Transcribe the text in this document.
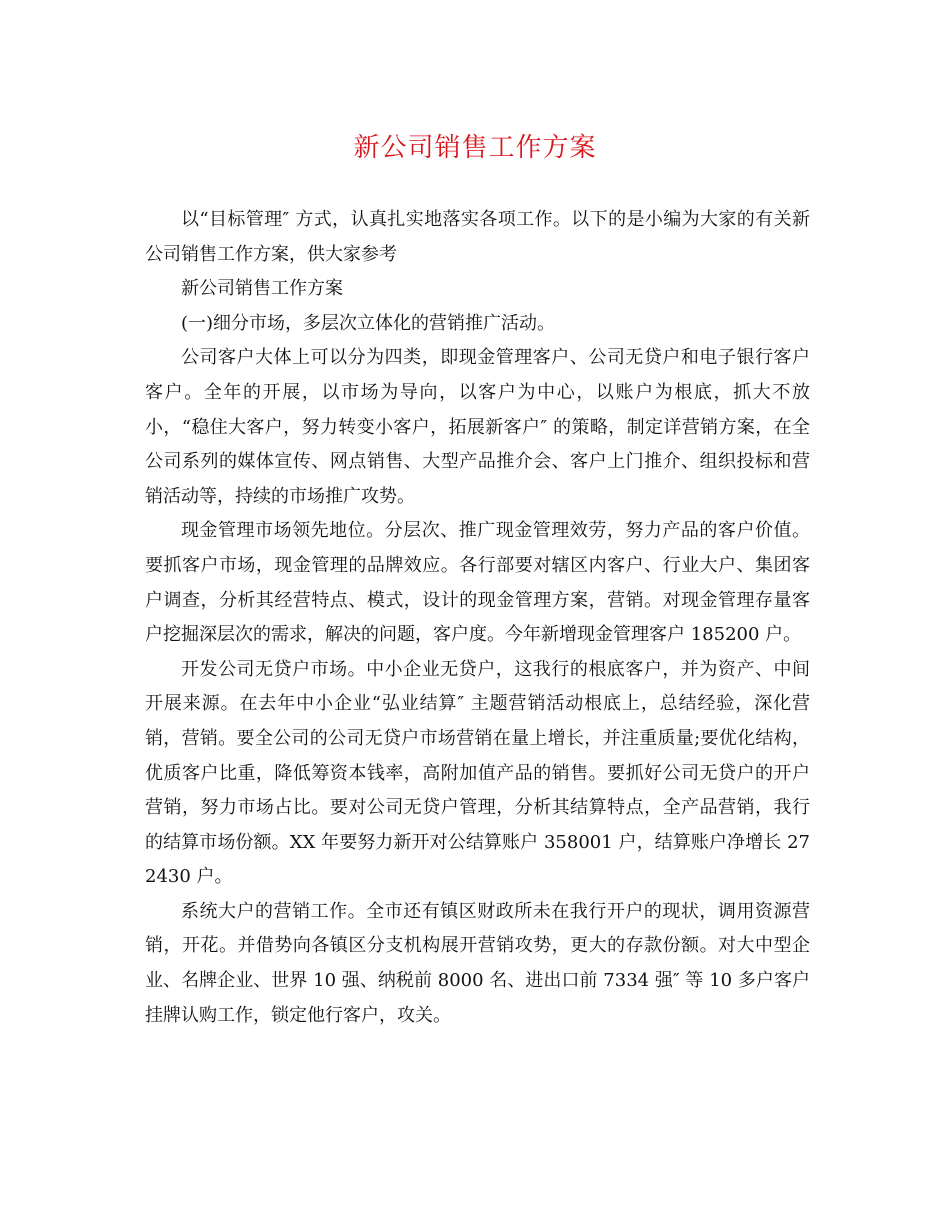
新公司销售工作方案

以“目标管理″ 方式，认真扎实地落实各项工作。以下的是小编为大家的有关新公司销售工作方案，供大家参考

新公司销售工作方案

(一)细分市场，多层次立体化的营销推广活动。

公司客户大体上可以分为四类，即现金管理客户、公司无贷户和电子银行客户客户。全年的开展，以市场为导向，以客户为中心，以账户为根底，抓大不放小，“稳住大客户，努力转变小客户，拓展新客户″ 的策略，制定详营销方案，在全公司系列的媒体宣传、网点销售、大型产品推介会、客户上门推介、组织投标和营销活动等，持续的市场推广攻势。

现金管理市场领先地位。分层次、推广现金管理效劳，努力产品的客户价值。要抓客户市场，现金管理的品牌效应。各行部要对辖区内客户、行业大户、集团客户调查，分析其经营特点、模式，设计的现金管理方案，营销。对现金管理存量客户挖掘深层次的需求，解决的问题，客户度。今年新增现金管理客户 185200 户。

开发公司无贷户市场。中小企业无贷户，这我行的根底客户，并为资产、中间开展来源。在去年中小企业“弘业结算″ 主题营销活动根底上，总结经验，深化营销，营销。要全公司的公司无贷户市场营销在量上增长，并注重质量;要优化结构，优质客户比重，降低筹资本钱率，高附加值产品的销售。要抓好公司无贷户的开户营销，努力市场占比。要对公司无贷户管理，分析其结算特点，全产品营销，我行的结算市场份额。XX 年要努力新开对公结算账户 358001 户，结算账户净增长 272430 户。

系统大户的营销工作。全市还有镇区财政所未在我行开户的现状，调用资源营销，开花。并借势向各镇区分支机构展开营销攻势，更大的存款份额。对大中型企业、名牌企业、世界 10 强、纳税前 8000 名、进出口前 7334 强″ 等 10 多户客户挂牌认购工作，锁定他行客户，攻关。
